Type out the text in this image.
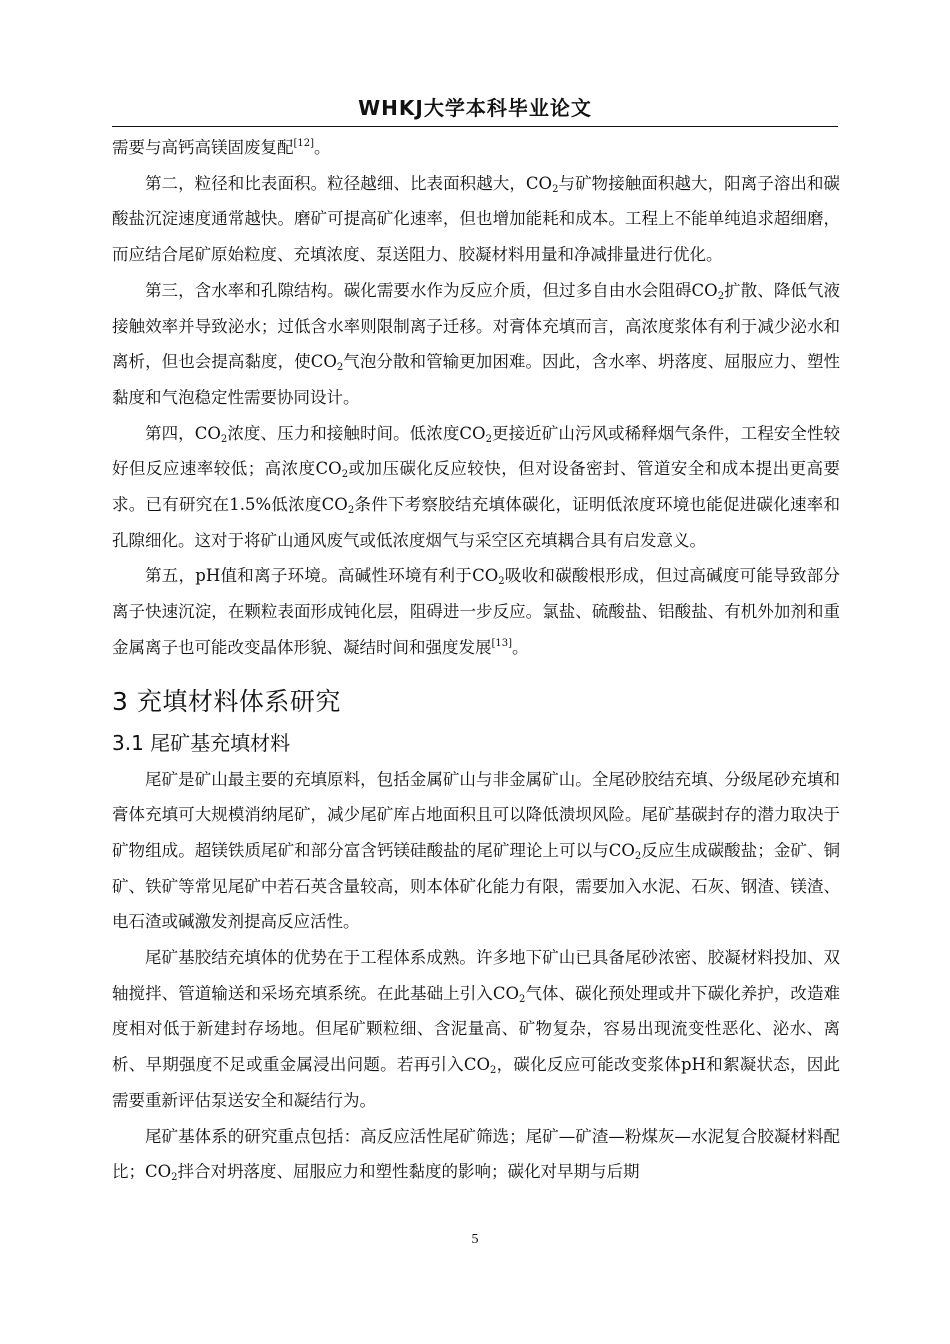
WHKJ大学本科毕业论文

需要与高钙高镁固废复配[12]。

第二，粒径和比表面积。粒径越细、比表面积越大，$CO_2$与矿物接触面积越大，阳离子溶出和碳酸盐沉淀速度通常越快。磨矿可提高矿化速率，但也增加能耗和成本。工程上不能单纯追求超细磨，而应结合尾矿原始粒度、充填浓度、泵送阻力、胶凝材料用量和净减排量进行优化。

第三，含水率和孔隙结构。碳化需要水作为反应介质，但过多自由水会阻碍$CO_2$扩散、降低气液接触效率并导致泌水；过低含水率则限制离子迁移。对膏体充填而言，高浓度浆体有利于减少泌水和离析，但也会提高黏度，使$CO_2$气泡分散和管输更加困难。因此，含水率、坍落度、屈服应力、塑性黏度和气泡稳定性需要协同设计。

第四，$CO_2$浓度、压力和接触时间。低浓度$CO_2$更接近矿山污风或稀释烟气条件，工程安全性较好但反应速率较低；高浓度$CO_2$或加压碳化反应较快，但对设备密封、管道安全和成本提出更高要求。已有研究在1.5%低浓度$CO_2$条件下考察胶结充填体碳化，证明低浓度环境也能促进碳化速率和孔隙细化。这对于将矿山通风废气或低浓度烟气与采空区充填耦合具有启发意义。

第五，pH值和离子环境。高碱性环境有利于$CO_2$吸收和碳酸根形成，但过高碱度可能导致部分离子快速沉淀，在颗粒表面形成钝化层，阻碍进一步反应。氯盐、硫酸盐、铝酸盐、有机外加剂和重金属离子也可能改变晶体形貌、凝结时间和强度发展[13]。

3 充填材料体系研究
3.1 尾矿基充填材料

尾矿是矿山最主要的充填原料，包括金属矿山与非金属矿山。全尾砂胶结充填、分级尾砂充填和膏体充填可大规模消纳尾矿，减少尾矿库占地面积且可以降低溃坝风险。尾矿基碳封存的潜力取决于矿物组成。超镁铁质尾矿和部分富含钙镁硅酸盐的尾矿理论上可以与$CO_2$反应生成碳酸盐；金矿、铜矿、铁矿等常见尾矿中若石英含量较高，则本体矿化能力有限，需要加入水泥、石灰、钢渣、镁渣、电石渣或碱激发剂提高反应活性。

尾矿基胶结充填体的优势在于工程体系成熟。许多地下矿山已具备尾砂浓密、胶凝材料投加、双轴搅拌、管道输送和采场充填系统。在此基础上引入$CO_2$气体、碳化预处理或井下碳化养护，改造难度相对低于新建封存场地。但尾矿颗粒细、含泥量高、矿物复杂，容易出现流变性恶化、泌水、离析、早期强度不足或重金属浸出问题。若再引入$CO_2$，碳化反应可能改变浆体pH和絮凝状态，因此需要重新评估泵送安全和凝结行为。

尾矿基体系的研究重点包括：高反应活性尾矿筛选；尾矿—矿渣—粉煤灰—水泥复合胶凝材料配比；$CO_2$拌合对坍落度、屈服应力和塑性黏度的影响；碳化对早期与后期

5
